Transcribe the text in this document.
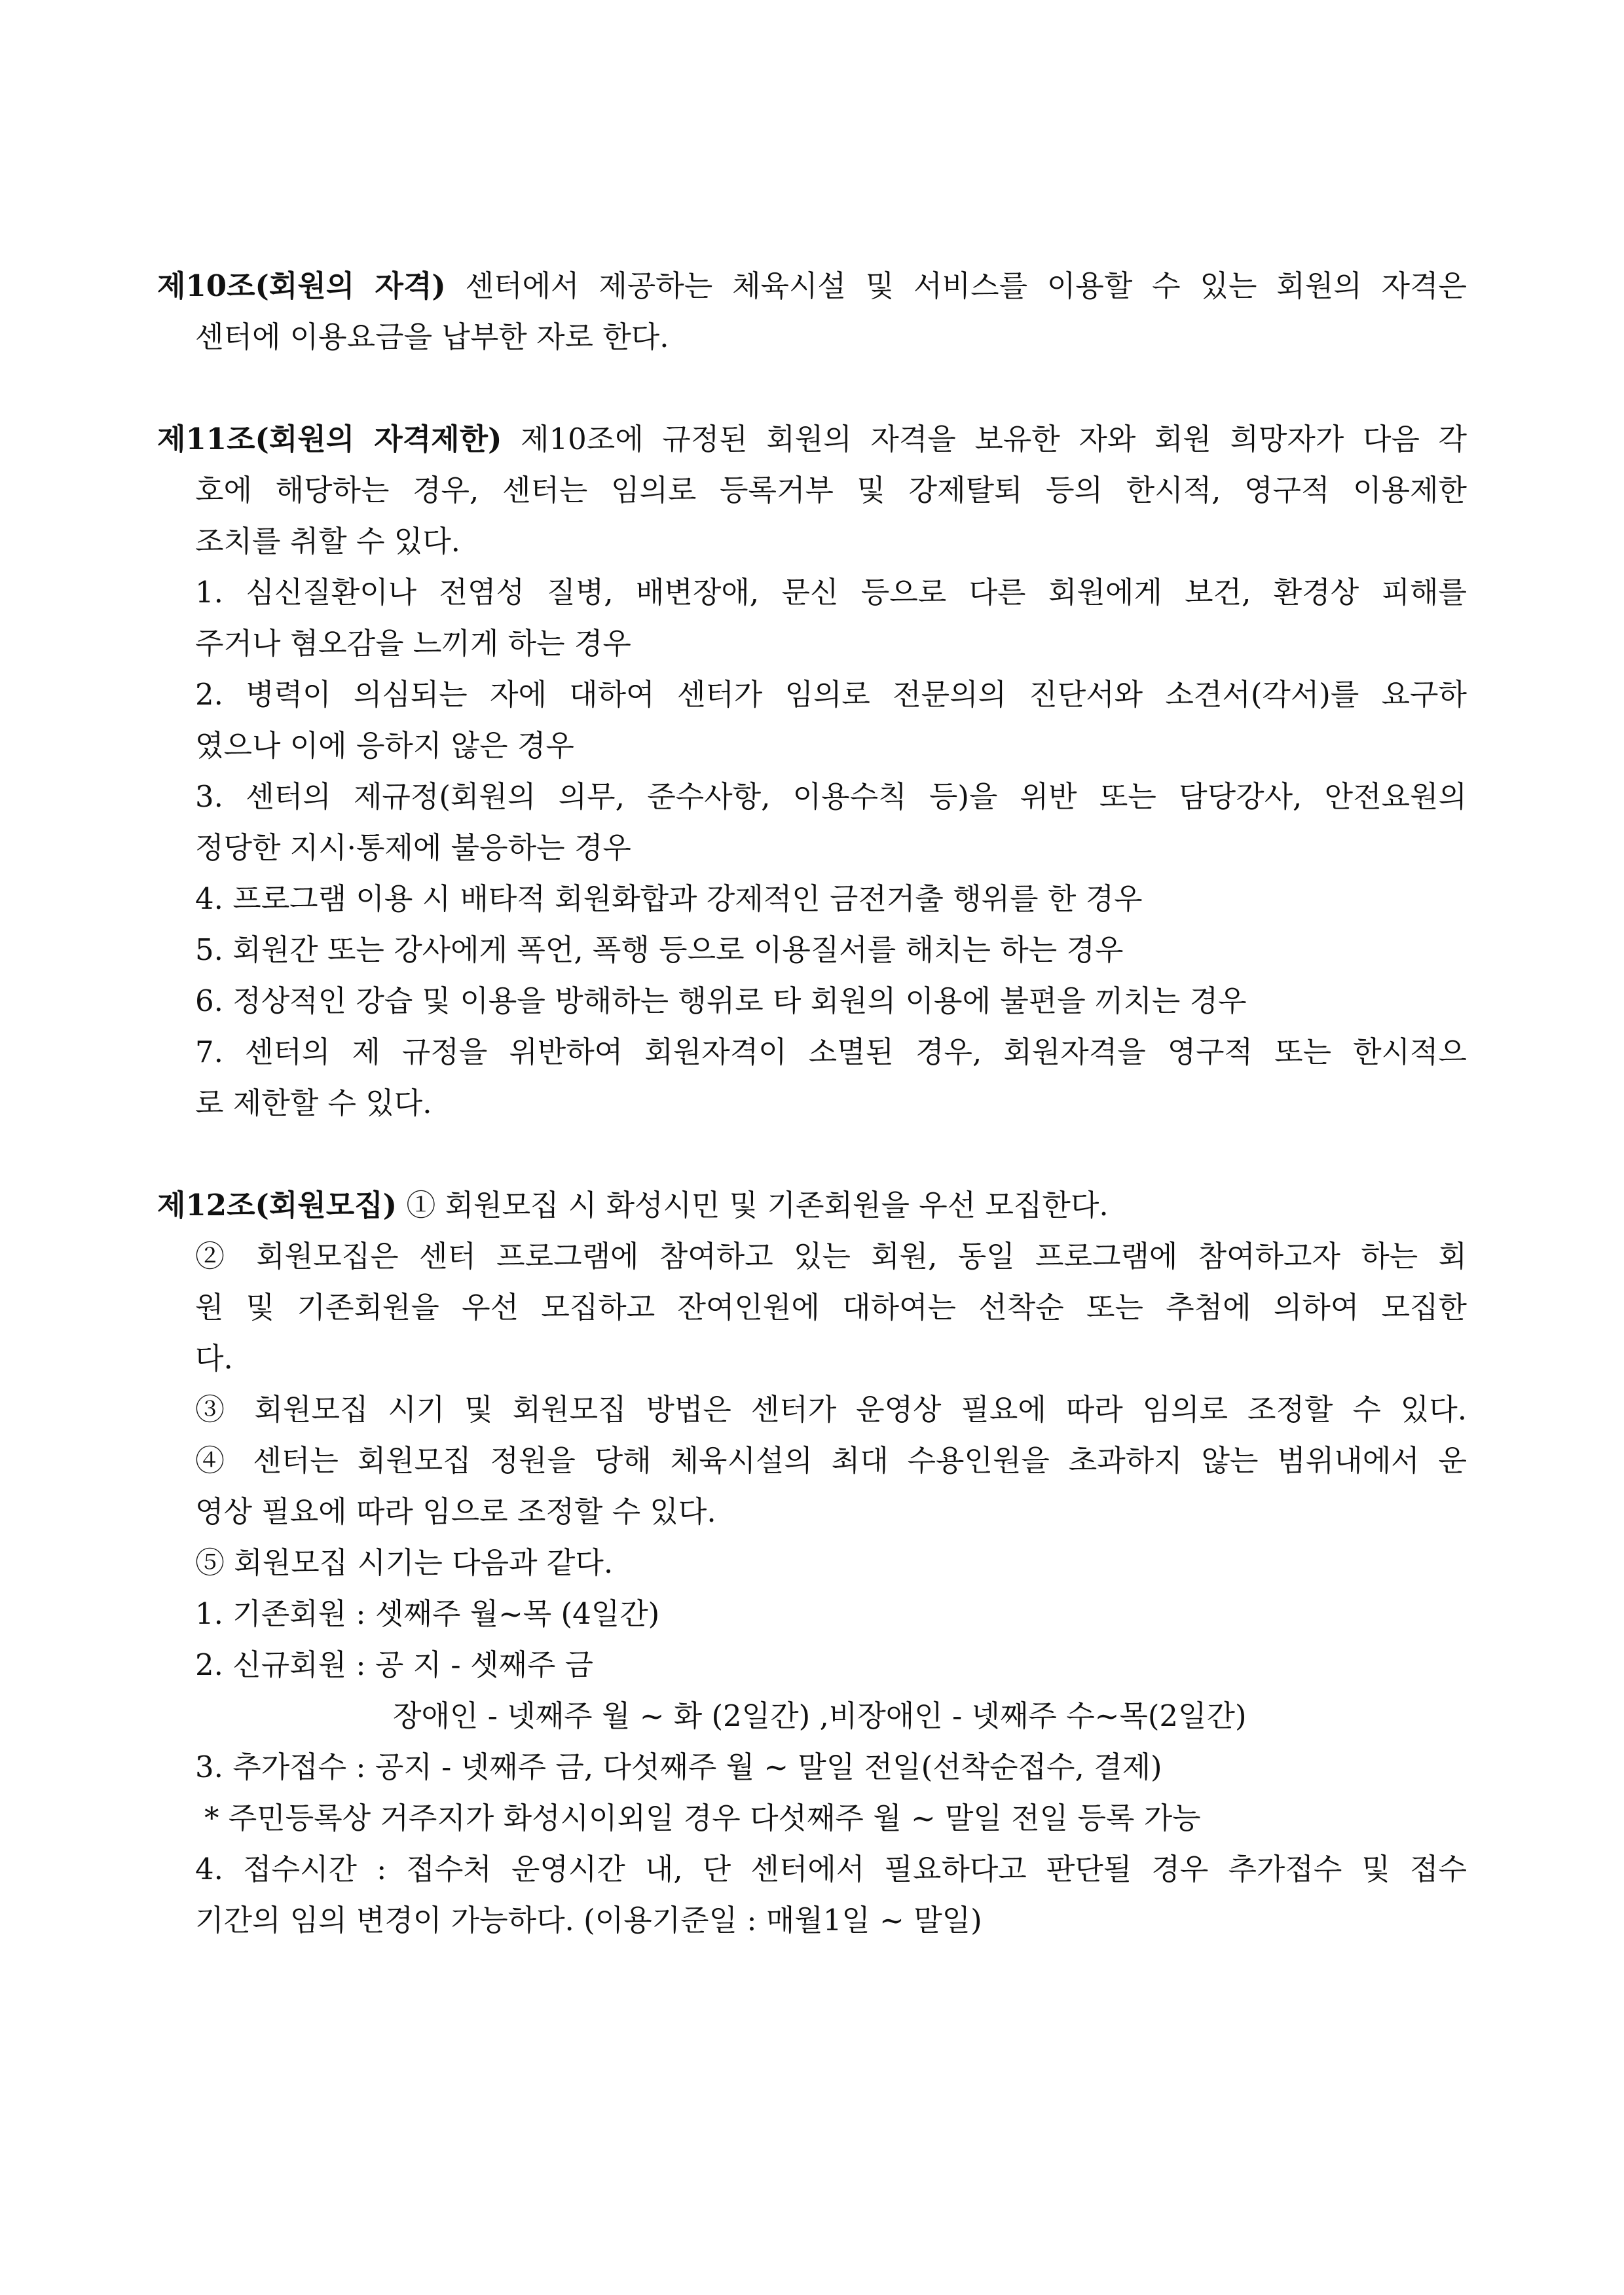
제10조(회원의 자격) 센터에서 제공하는 체육시설 및 서비스를 이용할 수 있는 회원의 자격은
센터에 이용요금을 납부한 자로 한다.
제11조(회원의 자격제한) 제10조에 규정된 회원의 자격을 보유한 자와 회원 희망자가 다음 각
호에 해당하는 경우, 센터는 임의로 등록거부 및 강제탈퇴 등의 한시적, 영구적 이용제한
조치를 취할 수 있다.
1. 심신질환이나 전염성 질병, 배변장애, 문신 등으로 다른 회원에게 보건, 환경상 피해를
주거나 혐오감을 느끼게 하는 경우
2. 병력이 의심되는 자에 대하여 센터가 임의로 전문의의 진단서와 소견서(각서)를 요구하
였으나 이에 응하지 않은 경우
3. 센터의 제규정(회원의 의무, 준수사항, 이용수칙 등)을 위반 또는 담당강사, 안전요원의
정당한 지시·통제에 불응하는 경우
4. 프로그램 이용 시 배타적 회원화합과 강제적인 금전거출 행위를 한 경우
5. 회원간 또는 강사에게 폭언, 폭행 등으로 이용질서를 해치는 하는 경우
6. 정상적인 강습 및 이용을 방해하는 행위로 타 회원의 이용에 불편을 끼치는 경우
7. 센터의 제 규정을 위반하여 회원자격이 소멸된 경우, 회원자격을 영구적 또는 한시적으
로 제한할 수 있다.
제12조(회원모집) ① 회원모집 시 화성시민 및 기존회원을 우선 모집한다.
② 회원모집은 센터 프로그램에 참여하고 있는 회원, 동일 프로그램에 참여하고자 하는 회
원 및 기존회원을 우선 모집하고 잔여인원에 대하여는 선착순 또는 추첨에 의하여 모집한
다.
③ 회원모집 시기 및 회원모집 방법은 센터가 운영상 필요에 따라 임의로 조정할 수 있다.
④ 센터는 회원모집 정원을 당해 체육시설의 최대 수용인원을 초과하지 않는 범위내에서 운
영상 필요에 따라 임으로 조정할 수 있다.
⑤ 회원모집 시기는 다음과 같다.
1. 기존회원 : 셋째주 월~목 (4일간)
2. 신규회원 : 공 지 - 셋째주 금
장애인 - 넷째주 월 ~ 화 (2일간) ,비장애인 - 넷째주 수~목(2일간)
3. 추가접수 : 공지 - 넷째주 금, 다섯째주 월 ~ 말일 전일(선착순접수, 결제)
* 주민등록상 거주지가 화성시이외일 경우 다섯째주 월 ~ 말일 전일 등록 가능
4. 접수시간 : 접수처 운영시간 내, 단 센터에서 필요하다고 판단될 경우 추가접수 및 접수
기간의 임의 변경이 가능하다. (이용기준일 : 매월1일 ~ 말일)
